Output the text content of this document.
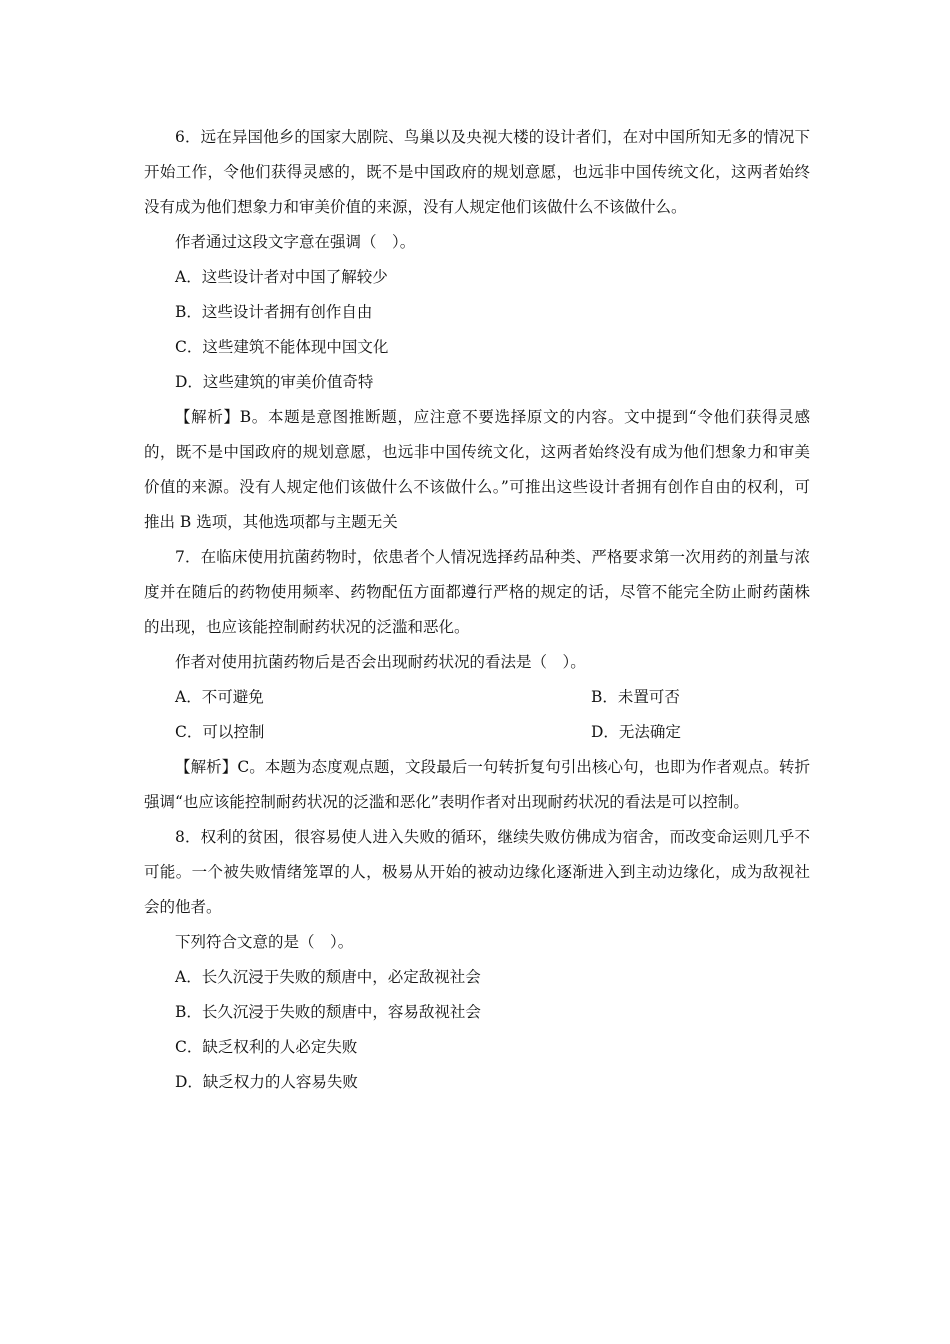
6．远在异国他乡的国家大剧院、鸟巢以及央视大楼的设计者们，在对中国所知无多的情况下开始工作，令他们获得灵感的，既不是中国政府的规划意愿，也远非中国传统文化，这两者始终没有成为他们想象力和审美价值的来源，没有人规定他们该做什么不该做什么。

作者通过这段文字意在强调（　）。

A．这些设计者对中国了解较少

B．这些设计者拥有创作自由

C．这些建筑不能体现中国文化

D．这些建筑的审美价值奇特

【解析】B。本题是意图推断题，应注意不要选择原文的内容。文中提到“令他们获得灵感的，既不是中国政府的规划意愿，也远非中国传统文化，这两者始终没有成为他们想象力和审美价值的来源。没有人规定他们该做什么不该做什么。”可推出这些设计者拥有创作自由的权利，可推出 B 选项，其他选项都与主题无关

7．在临床使用抗菌药物时，依患者个人情况选择药品种类、严格要求第一次用药的剂量与浓度并在随后的药物使用频率、药物配伍方面都遵行严格的规定的话，尽管不能完全防止耐药菌株的出现，也应该能控制耐药状况的泛滥和恶化。

作者对使用抗菌药物后是否会出现耐药状况的看法是（　）。

A．不可避免	B．未置可否
C．可以控制	D．无法确定

【解析】C。本题为态度观点题，文段最后一句转折复句引出核心句，也即为作者观点。转折强调“也应该能控制耐药状况的泛滥和恶化”表明作者对出现耐药状况的看法是可以控制。

8．权利的贫困，很容易使人进入失败的循环，继续失败仿佛成为宿舍，而改变命运则几乎不可能。一个被失败情绪笼罩的人，极易从开始的被动边缘化逐渐进入到主动边缘化，成为敌视社会的他者。

下列符合文意的是（　）。

A．长久沉浸于失败的颓唐中，必定敌视社会

B．长久沉浸于失败的颓唐中，容易敌视社会

C．缺乏权利的人必定失败

D．缺乏权力的人容易失败
